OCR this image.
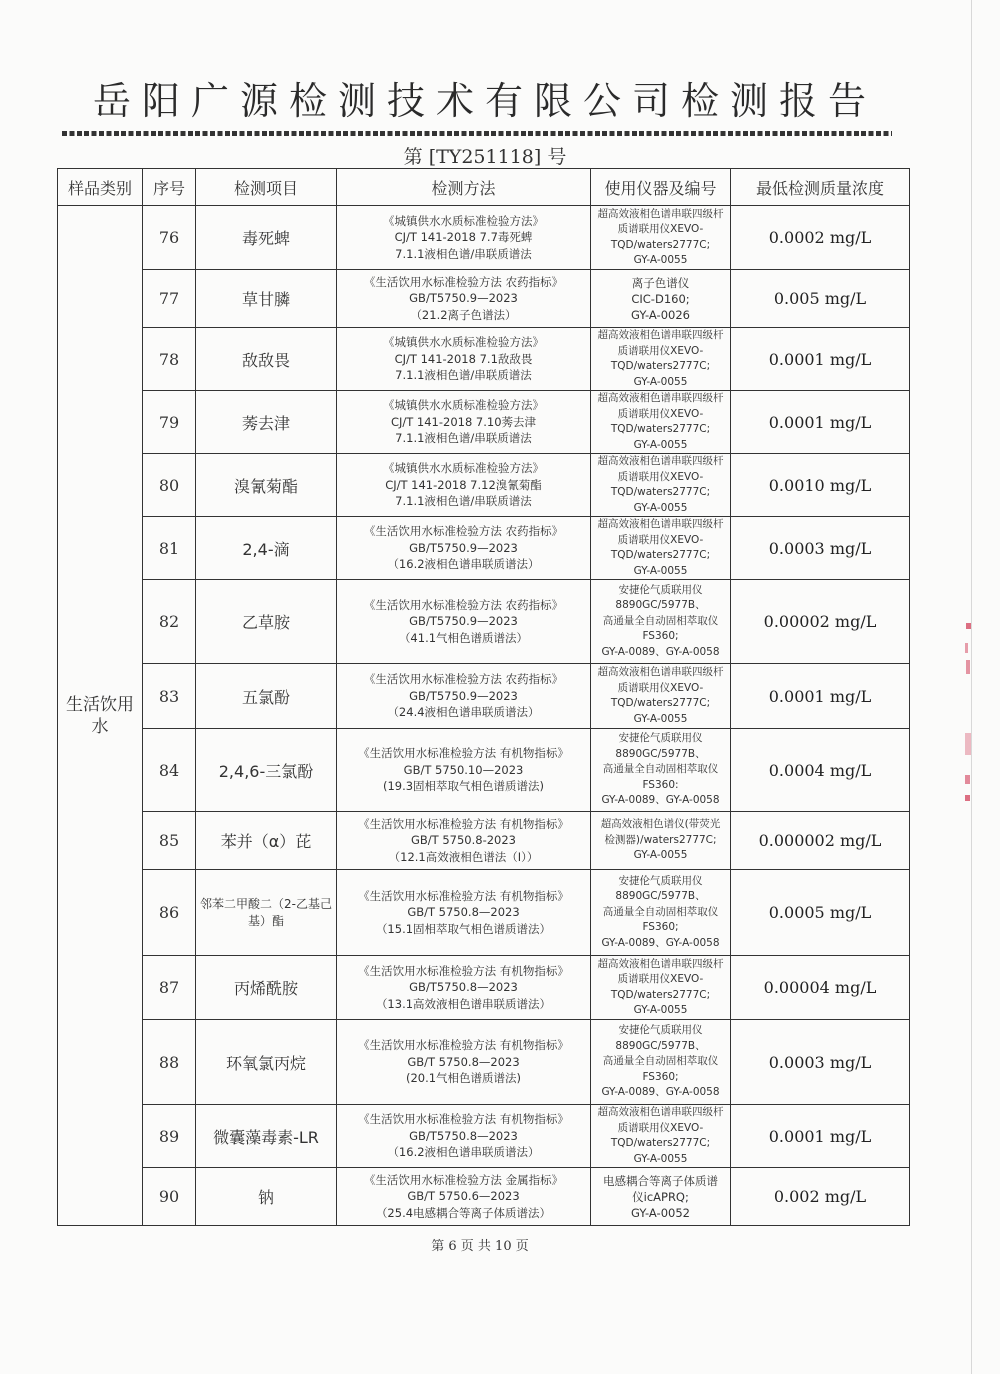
岳阳广源检测技术有限公司检测报告
第 [TY251118] 号
样品类别	序号	检测项目	检测方法	使用仪器及编号	最低检测质量浓度
生活饮用
水	76	毒死蜱	《城镇供水水质标准检验方法》
CJ/T 141-2018 7.7毒死蜱
7.1.1液相色谱/串联质谱法	超高效液相色谱串联四级杆
质谱联用仪XEVO-
TQD/waters2777C;
GY-A-0055	0.0002 mg/L
	77	草甘膦	《生活饮用水标准检验方法 农药指标》
GB/T5750.9—2023
（21.2离子色谱法）	离子色谱仪
CIC-D160;
GY-A-0026	0.005 mg/L
	78	敌敌畏	《城镇供水水质标准检验方法》
CJ/T 141-2018 7.1敌敌畏
7.1.1液相色谱/串联质谱法	超高效液相色谱串联四级杆
质谱联用仪XEVO-
TQD/waters2777C;
GY-A-0055	0.0001 mg/L
	79	莠去津	《城镇供水水质标准检验方法》
CJ/T 141-2018 7.10莠去津
7.1.1液相色谱/串联质谱法	超高效液相色谱串联四级杆
质谱联用仪XEVO-
TQD/waters2777C;
GY-A-0055	0.0001 mg/L
	80	溴氰菊酯	《城镇供水水质标准检验方法》
CJ/T 141-2018 7.12溴氰菊酯
7.1.1液相色谱/串联质谱法	超高效液相色谱串联四级杆
质谱联用仪XEVO-
TQD/waters2777C;
GY-A-0055	0.0010 mg/L
	81	2,4-滴	《生活饮用水标准检验方法 农药指标》
GB/T5750.9—2023
（16.2液相色谱串联质谱法）	超高效液相色谱串联四级杆
质谱联用仪XEVO-
TQD/waters2777C;
GY-A-0055	0.0003 mg/L
	82	乙草胺	《生活饮用水标准检验方法 农药指标》
GB/T5750.9—2023
（41.1气相色谱质谱法）	安捷伦气质联用仪
8890GC/5977B、
高通量全自动固相萃取仪
FS360;
GY-A-0089、GY-A-0058	0.00002 mg/L
	83	五氯酚	《生活饮用水标准检验方法 农药指标》
GB/T5750.9—2023
（24.4液相色谱串联质谱法）	超高效液相色谱串联四级杆
质谱联用仪XEVO-
TQD/waters2777C;
GY-A-0055	0.0001 mg/L
	84	2,4,6-三氯酚	《生活饮用水标准检验方法 有机物指标》
GB/T 5750.10—2023
(19.3固相萃取气相色谱质谱法)	安捷伦气质联用仪
8890GC/5977B、
高通量全自动固相萃取仪
FS360:
GY-A-0089、GY-A-0058	0.0004 mg/L
	85	苯并（α）芘	《生活饮用水标准检验方法 有机物指标》
GB/T 5750.8-2023
（12.1高效液相色谱法（Ⅰ））	超高效液相色谱仪(带荧光
检测器)/waters2777C;
GY-A-0055	0.000002 mg/L
	86	邻苯二甲酸二（2-乙基己基）酯	《生活饮用水标准检验方法 有机物指标》
GB/T 5750.8—2023
（15.1固相萃取气相色谱质谱法）	安捷伦气质联用仪
8890GC/5977B、
高通量全自动固相萃取仪
FS360;
GY-A-0089、GY-A-0058	0.0005 mg/L
	87	丙烯酰胺	《生活饮用水标准检验方法 有机物指标》
GB/T5750.8—2023
（13.1高效液相色谱串联质谱法）	超高效液相色谱串联四级杆
质谱联用仪XEVO-
TQD/waters2777C;
GY-A-0055	0.00004 mg/L
	88	环氧氯丙烷	《生活饮用水标准检验方法 有机物指标》
GB/T 5750.8—2023
(20.1气相色谱质谱法)	安捷伦气质联用仪
8890GC/5977B、
高通量全自动固相萃取仪
FS360;
GY-A-0089、GY-A-0058	0.0003 mg/L
	89	微囊藻毒素-LR	《生活饮用水标准检验方法 有机物指标》
GB/T5750.8—2023
（16.2液相色谱串联质谱法）	超高效液相色谱串联四级杆
质谱联用仪XEVO-
TQD/waters2777C;
GY-A-0055	0.0001 mg/L
	90	钠	《生活饮用水标准检验方法 金属指标》
GB/T 5750.6—2023
（25.4电感耦合等离子体质谱法）	电感耦合等离子体质谱
仪icAPRQ;
GY-A-0052	0.002 mg/L
第 6 页 共 10 页
